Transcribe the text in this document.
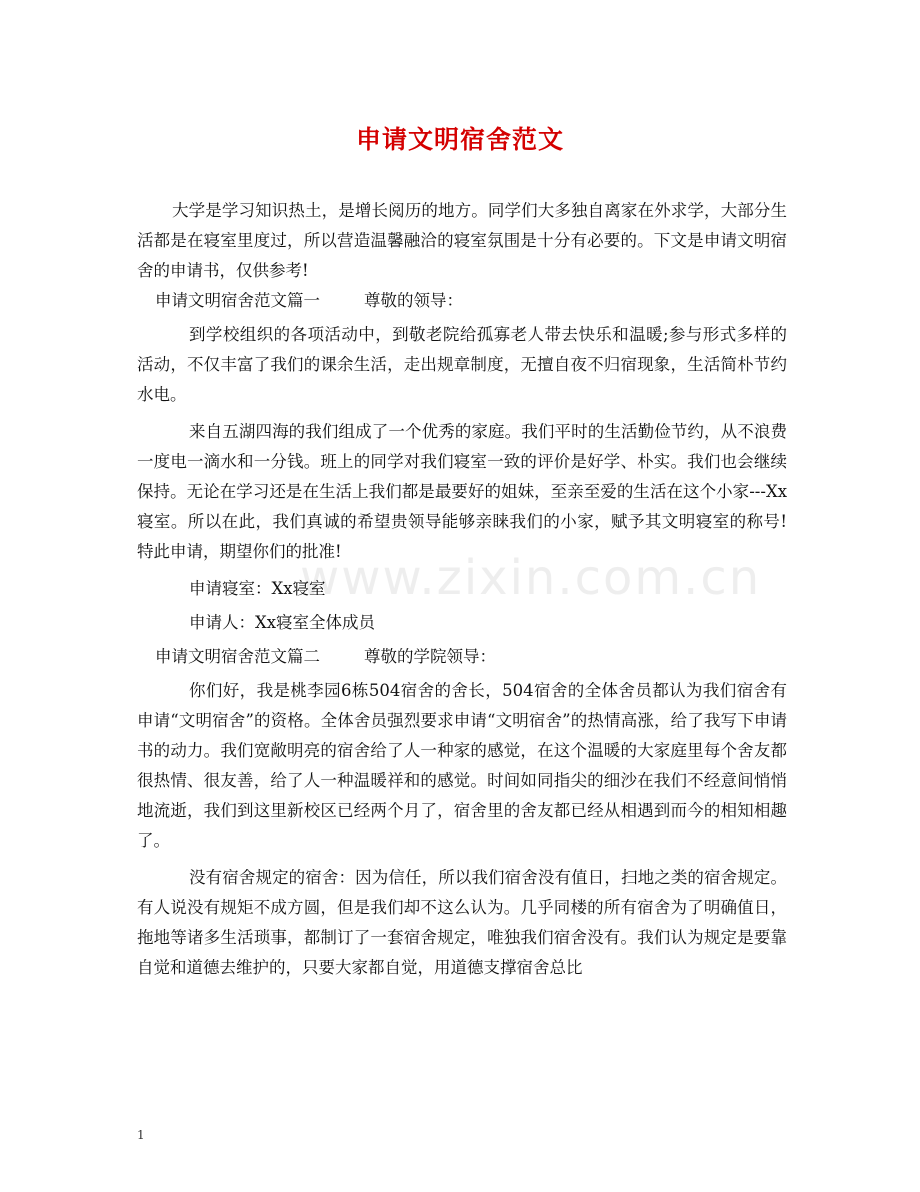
申请文明宿舍范文
www.zixin.com.cn

大学是学习知识热土，是增长阅历的地方。同学们大多独自离家在外求学，大部分生活都是在寝室里度过，所以营造温馨融洽的寝室氛围是十分有必要的。下文是申请文明宿舍的申请书，仅供参考!

申请文明宿舍范文篇一	尊敬的领导：

到学校组织的各项活动中，到敬老院给孤寡老人带去快乐和温暖;参与形式多样的活动，不仅丰富了我们的课余生活，走出规章制度，无擅自夜不归宿现象，生活简朴节约水电。

来自五湖四海的我们组成了一个优秀的家庭。我们平时的生活勤俭节约，从不浪费一度电一滴水和一分钱。班上的同学对我们寝室一致的评价是好学、朴实。我们也会继续保持。无论在学习还是在生活上我们都是最要好的姐妹，至亲至爱的生活在这个小家---Xx寝室。所以在此，我们真诚的希望贵领导能够亲睐我们的小家，赋予其文明寝室的称号!特此申请，期望你们的批准!

申请寝室：Xx寝室

申请人：Xx寝室全体成员

申请文明宿舍范文篇二	尊敬的学院领导：

你们好，我是桃李园6栋504宿舍的舍长，504宿舍的全体舍员都认为我们宿舍有申请“文明宿舍”的资格。全体舍员强烈要求申请“文明宿舍”的热情高涨，给了我写下申请书的动力。我们宽敞明亮的宿舍给了人一种家的感觉，在这个温暖的大家庭里每个舍友都很热情、很友善，给了人一种温暖祥和的感觉。时间如同指尖的细沙在我们不经意间悄悄地流逝，我们到这里新校区已经两个月了，宿舍里的舍友都已经从相遇到而今的相知相趣了。

没有宿舍规定的宿舍：因为信任，所以我们宿舍没有值日，扫地之类的宿舍规定。有人说没有规矩不成方圆，但是我们却不这么认为。几乎同楼的所有宿舍为了明确值日，拖地等诸多生活琐事，都制订了一套宿舍规定，唯独我们宿舍没有。我们认为规定是要靠自觉和道德去维护的，只要大家都自觉，用道德支撑宿舍总比

1
